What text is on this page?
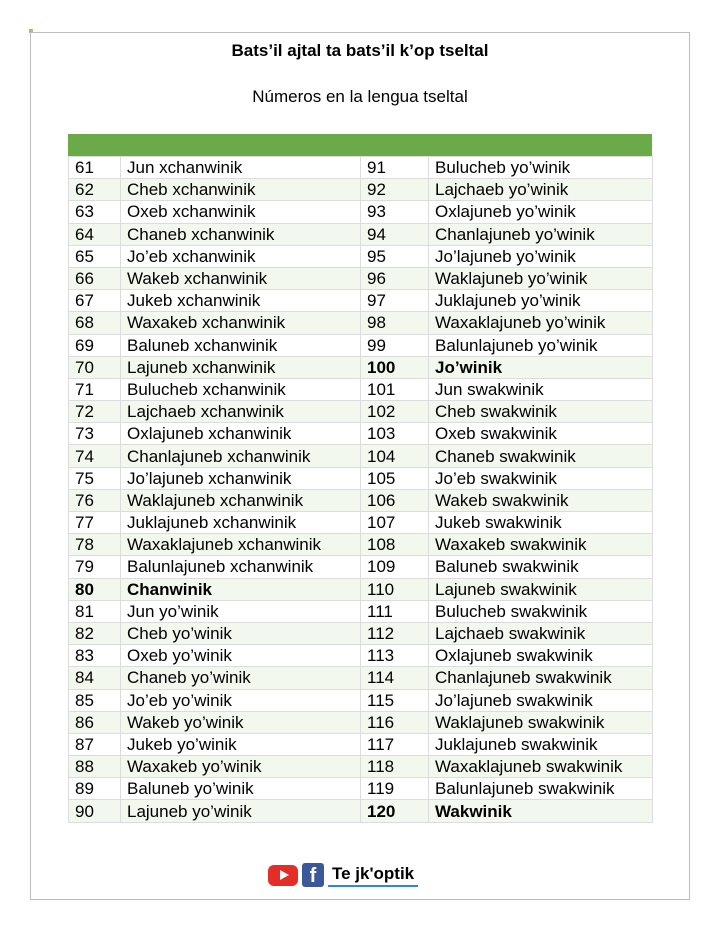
Bats’il ajtal ta bats’il k’op tseltal
Números en la lengua tseltal
61	Jun xchanwinik	91	Bulucheb yo’winik
62	Cheb xchanwinik	92	Lajchaeb yo’winik
63	Oxeb xchanwinik	93	Oxlajuneb yo’winik
64	Chaneb xchanwinik	94	Chanlajuneb yo’winik
65	Jo’eb xchanwinik	95	Jo’lajuneb yo’winik
66	Wakeb xchanwinik	96	Waklajuneb yo’winik
67	Jukeb xchanwinik	97	Juklajuneb yo’winik
68	Waxakeb xchanwinik	98	Waxaklajuneb yo’winik
69	Baluneb xchanwinik	99	Balunlajuneb yo’winik
70	Lajuneb xchanwinik	100	Jo’winik
71	Bulucheb xchanwinik	101	Jun swakwinik
72	Lajchaeb xchanwinik	102	Cheb swakwinik
73	Oxlajuneb xchanwinik	103	Oxeb swakwinik
74	Chanlajuneb xchanwinik	104	Chaneb swakwinik
75	Jo’lajuneb xchanwinik	105	Jo’eb swakwinik
76	Waklajuneb xchanwinik	106	Wakeb swakwinik
77	Juklajuneb xchanwinik	107	Jukeb swakwinik
78	Waxaklajuneb xchanwinik	108	Waxakeb swakwinik
79	Balunlajuneb xchanwinik	109	Baluneb swakwinik
80	Chanwinik	110	Lajuneb swakwinik
81	Jun yo’winik	111	Bulucheb swakwinik
82	Cheb yo’winik	112	Lajchaeb swakwinik
83	Oxeb yo’winik	113	Oxlajuneb swakwinik
84	Chaneb yo’winik	114	Chanlajuneb swakwinik
85	Jo’eb yo’winik	115	Jo’lajuneb swakwinik
86	Wakeb yo’winik	116	Waklajuneb swakwinik
87	Jukeb yo’winik	117	Juklajuneb swakwinik
88	Waxakeb yo’winik	118	Waxaklajuneb swakwinik
89	Baluneb yo’winik	119	Balunlajuneb swakwinik
90	Lajuneb yo’winik	120	Wakwinik
f Te jk'optik
